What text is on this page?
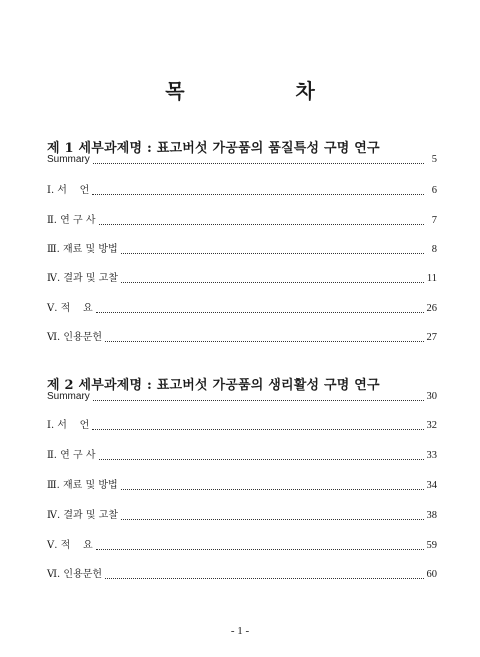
목 차
제 1 세부과제명 : 표고버섯 가공품의 품질특성 구명 연구
Summary	5
Ⅰ. 서    언	6
Ⅱ. 연 구 사	7
Ⅲ. 재료 및 방법	8
Ⅳ. 결과 및 고찰	11
Ⅴ. 적    요	26
Ⅵ. 인용문헌	27
제 2 세부과제명 : 표고버섯 가공품의 생리활성 구명 연구
Summary	30
Ⅰ. 서    언	32
Ⅱ. 연 구 사	33
Ⅲ. 재료 및 방법	34
Ⅳ. 결과 및 고찰	38
Ⅴ. 적    요	59
Ⅵ. 인용문헌	60
- 1 -
